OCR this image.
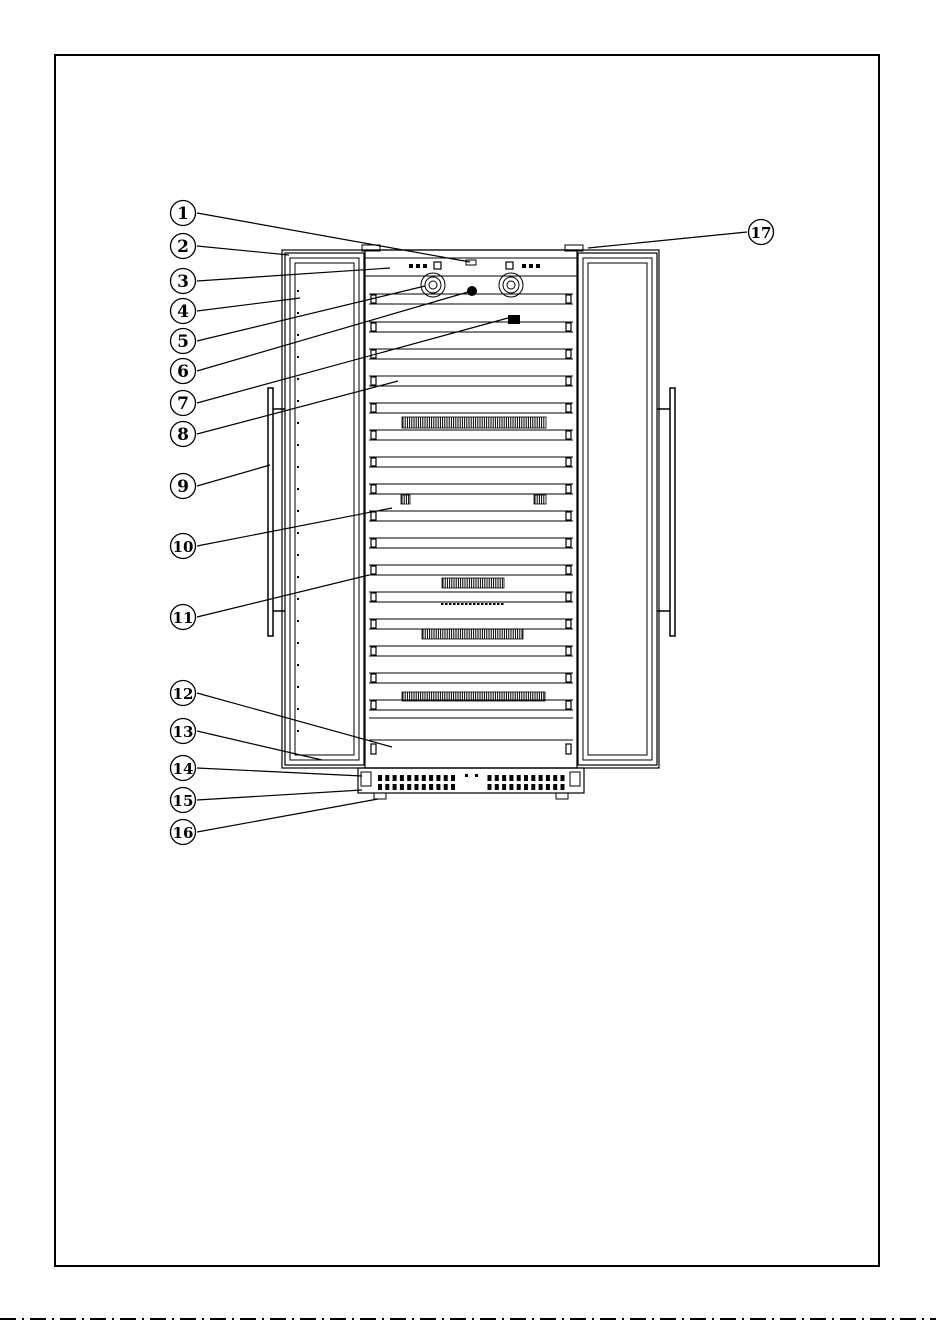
1
2
3
4
5
6
7
8
9
10
11
12
13
14
15
16
17
